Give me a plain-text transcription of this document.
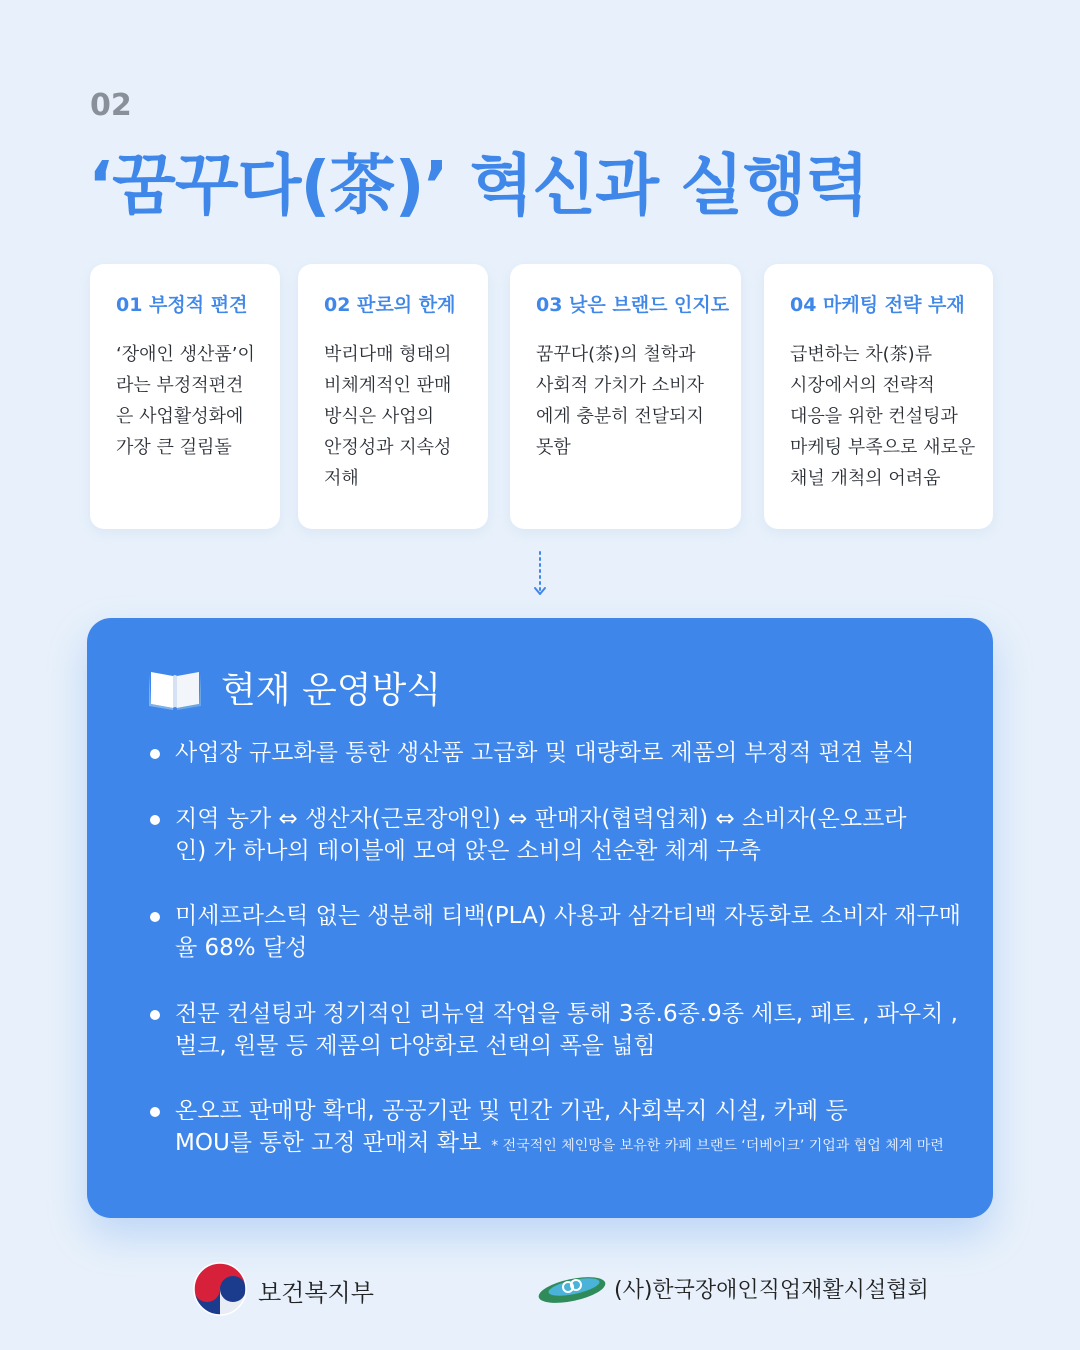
02
‘꿈꾸다(茶)’ 혁신과 실행력
01 부정적 편견
‘장애인 생산품’이
라는 부정적편견
은 사업활성화에
가장 큰 걸림돌
02 판로의 한계
박리다매 형태의
비체계적인 판매
방식은 사업의
안정성과 지속성
저해
03 낮은 브랜드 인지도
꿈꾸다(茶)의 철학과
사회적 가치가 소비자
에게 충분히 전달되지
못함
04 마케팅 전략 부재
급변하는 차(茶)류
시장에서의 전략적
대응을 위한 컨설팅과
마케팅 부족으로 새로운
채널 개척의 어려움
현재 운영방식
사업장 규모화를 통한 생산품 고급화 및 대량화로 제품의 부정적 편견 불식
지역 농가 ⇔ 생산자(근로장애인) ⇔ 판매자(협력업체) ⇔ 소비자(온오프라
인) 가 하나의 테이블에 모여 앉은 소비의 선순환 체계 구축
미세프라스틱 없는 생분해 티백(PLA) 사용과 삼각티백 자동화로 소비자 재구매
율 68% 달성
전문 컨설팅과 정기적인 리뉴얼 작업을 통해 3종.6종.9종 세트, 페트 , 파우치 ,
벌크, 원물 등 제품의 다양화로 선택의 폭을 넓힘
온오프 판매망 확대, 공공기관 및 민간 기관, 사회복지 시설, 카페 등
MOU를 통한 고정 판매처 확보 * 전국적인 체인망을 보유한 카페 브랜드 ‘더베이크’ 기업과 협업 체계 마련
보건복지부	(사)한국장애인직업재활시설협회
